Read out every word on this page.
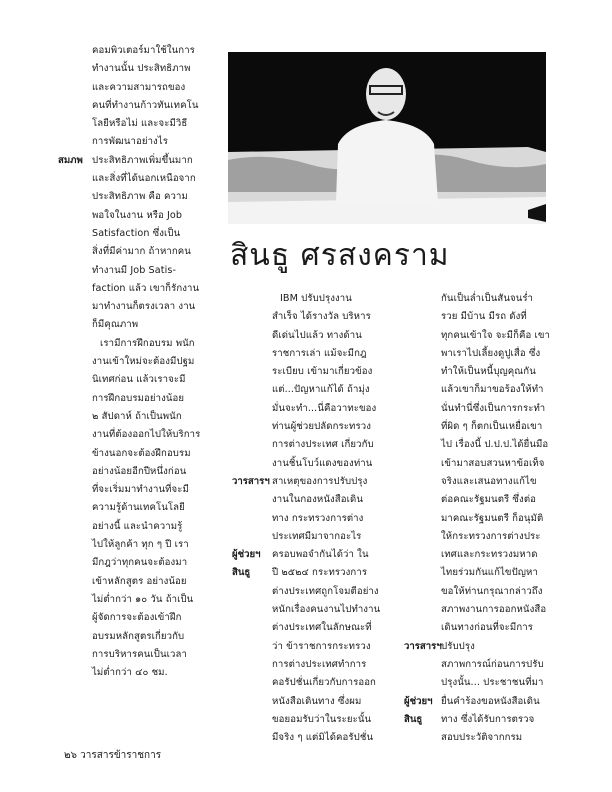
สินธู ศรสงคราม

คอมพิวเตอร์มาใช้ในการ

ทำงานนั้น ประสิทธิภาพ

และความสามารถของ

คนที่ทำงานก้าวทันเทคโน

โลยีหรือไม่ และจะมีวิธี

การพัฒนาอย่างไร

ประสิทธิภาพเพิ่มขึ้นมาก

และสิ่งที่ได้นอกเหนือจาก

ประสิทธิภาพ คือ ความ

พอใจในงาน หรือ Job

Satisfaction ซึ่งเป็น

สิ่งที่มีค่ามาก ถ้าหากคน

ทำงานมี Job Satis-

faction แล้ว เขาก็รักงาน

มาทำงานก็ตรงเวลา งาน

ก็มีคุณภาพ

เรามีการฝึกอบรม พนัก

งานเข้าใหม่จะต้องมีปฐม

นิเทศก่อน แล้วเราจะมี

การฝึกอบรมอย่างน้อย

๒ สัปดาห์ ถ้าเป็นพนัก

งานที่ต้องออกไปให้บริการ

ข้างนอกจะต้องฝึกอบรม

อย่างน้อยอีกปีหนึ่งก่อน

ที่จะเริ่มมาทำงานที่จะมี

ความรู้ด้านเทคโนโลยี

อย่างนี้ และนำความรู้

ไปให้ลูกค้า ทุก ๆ ปี เรา

มีกฎว่าทุกคนจะต้องมา

เข้าหลักสูตร อย่างน้อย

ไม่ต่ำกว่า ๑๐ วัน ถ้าเป็น

ผู้จัดการจะต้องเข้าฝึก

อบรมหลักสูตรเกี่ยวกับ

การบริหารคนเป็นเวลา

ไม่ต่ำกว่า ๔๐ ชม.

IBM ปรับปรุงงาน

สำเร็จ ได้รางวัล บริหาร

ดีเด่นไปแล้ว ทางด้าน

ราชการเล่า แม้จะมีกฎ

ระเบียบ เข้ามาเกี่ยวข้อง

แต่...ปัญหาแก้ได้ ถ้ามุ่ง

มั่นจะทำ...นี่คือวาทะของ

ท่านผู้ช่วยปลัดกระทรวง

การต่างประเทศ เกี่ยวกับ

งานชิ้นโบว์แดงของท่าน

สาเหตุของการปรับปรุง

งานในกองหนังสือเดิน

ทาง กระทรวงการต่าง

ประเทศมีมาจากอะไร

ครอบพอจำกันได้ว่า ใน

ปี ๒๕๒๔ กระทรวงการ

ต่างประเทศถูกโจมตีอย่าง

หนักเรื่องคนงานไปทำงาน

ต่างประเทศในลักษณะที่

ว่า ข้าราชการกระทรวง

การต่างประเทศทำการ

คอรัปชั่นเกี่ยวกับการออก

หนังสือเดินทาง ซึ่งผม

ขอยอมรับว่าในระยะนั้น

มีจริง ๆ แต่มิได้คอรัปชั่น

กันเป็นล่ำเป็นสันจนร่ำ

รวย มีบ้าน มีรถ ดังที่

ทุกคนเข้าใจ จะมีก็คือ เขา

พาเราไปเลี้ยงดูปูเสื่อ ซึ่ง

ทำให้เป็นหนี้บุญคุณกัน

แล้วเขาก็มาขอร้องให้ทำ

นั่นทำนี่ซึ่งเป็นการกระทำ

ที่ผิด ๆ ก็ตกเป็นเหยื่อเขา

ไป เรื่องนี้ ป.ป.ป.ได้ยื่นมือ

เข้ามาสอบสวนหาข้อเท็จ

จริงและเสนอทางแก้ไข

ต่อคณะรัฐมนตรี ซึ่งต่อ

มาคณะรัฐมนตรี ก็อนุมัติ

ให้กระทรวงการต่างประ

เทศและกระทรวงมหาด

ไทยร่วมกันแก้ไขปัญหา

ขอให้ท่านกรุณากล่าวถึง

สภาพงานการออกหนังสือ

เดินทางก่อนที่จะมีการ

ปรับปรุง

สภาพการณ์ก่อนการปรับ

ปรุงนั้น... ประชาชนที่มา

ยื่นคำร้องขอหนังสือเดิน

ทาง ซึ่งได้รับการตรวจ

สอบประวัติจากกรม

สมภพ
วารสารฯ
ผู้ช่วยฯ
สินธู
วารสารฯ
ผู้ช่วยฯ
สินธู
๒๖ วารสารข้าราชการ
